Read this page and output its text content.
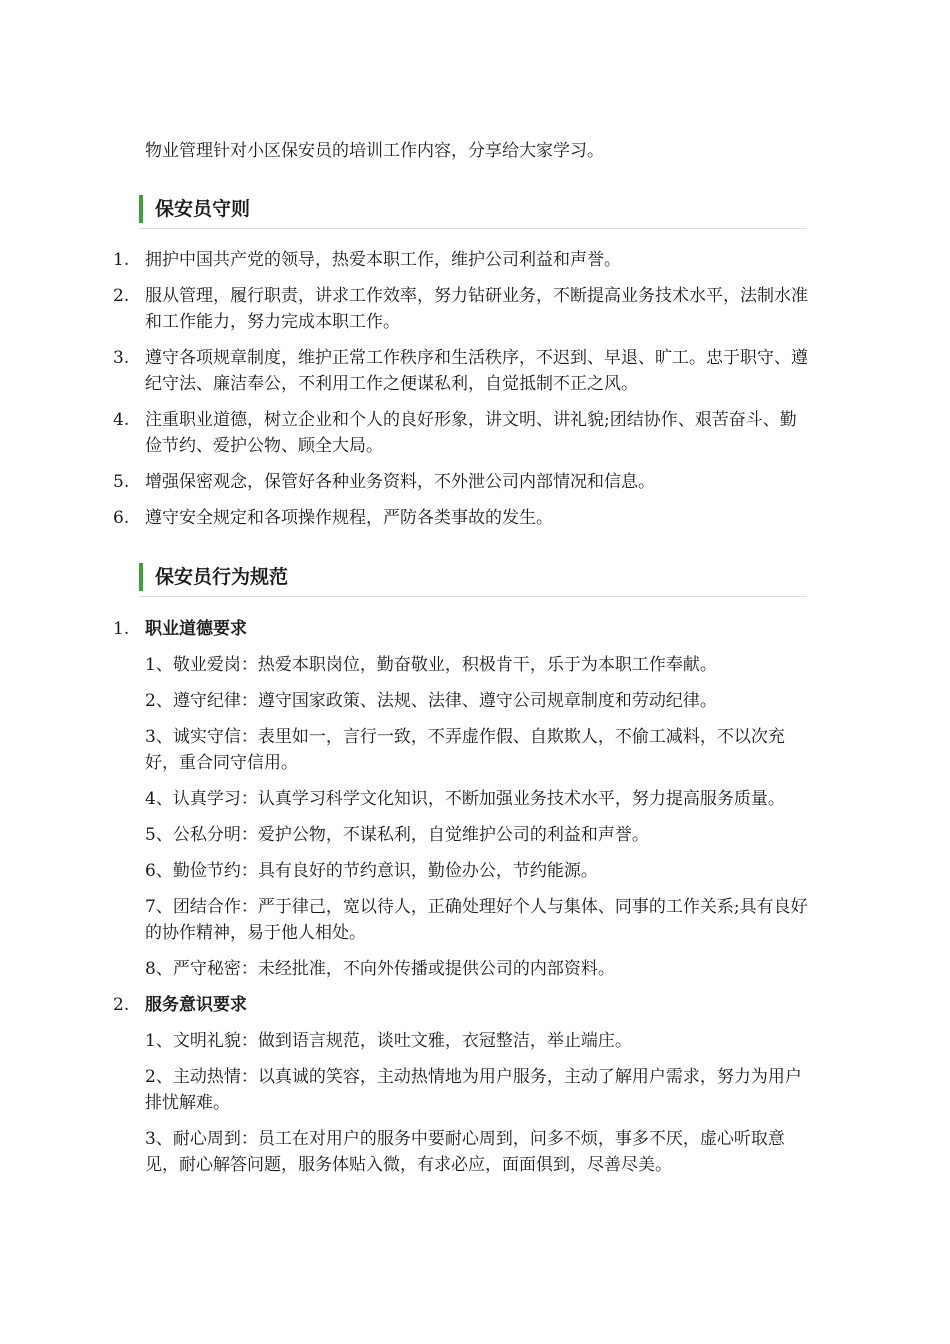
物业管理针对小区保安员的培训工作内容，分享给大家学习。

保安员守则
1. 拥护中国共产党的领导，热爱本职工作，维护公司利益和声誉。
2. 服从管理，履行职责，讲求工作效率，努力钻研业务，不断提高业务技术水平，法制水准和工作能力，努力完成本职工作。
3. 遵守各项规章制度，维护正常工作秩序和生活秩序，不迟到、早退、旷工。忠于职守、遵纪守法、廉洁奉公，不利用工作之便谋私利，自觉抵制不正之风。
4. 注重职业道德，树立企业和个人的良好形象，讲文明、讲礼貌;团结协作、艰苦奋斗、勤俭节约、爱护公物、顾全大局。
5. 增强保密观念，保管好各种业务资料，不外泄公司内部情况和信息。
6. 遵守安全规定和各项操作规程，严防各类事故的发生。
保安员行为规范
1. 职业道德要求

1、敬业爱岗：热爱本职岗位，勤奋敬业，积极肯干，乐于为本职工作奉献。

2、遵守纪律：遵守国家政策、法规、法律、遵守公司规章制度和劳动纪律。

3、诚实守信：表里如一，言行一致，不弄虚作假、自欺欺人，不偷工减料，不以次充好，重合同守信用。

4、认真学习：认真学习科学文化知识，不断加强业务技术水平，努力提高服务质量。

5、公私分明：爱护公物，不谋私利，自觉维护公司的利益和声誉。

6、勤俭节约：具有良好的节约意识，勤俭办公，节约能源。

7、团结合作：严于律己，宽以待人，正确处理好个人与集体、同事的工作关系;具有良好的协作精神，易于他人相处。

8、严守秘密：未经批准，不向外传播或提供公司的内部资料。

2. 服务意识要求

1、文明礼貌：做到语言规范，谈吐文雅，衣冠整洁，举止端庄。

2、主动热情：以真诚的笑容，主动热情地为用户服务，主动了解用户需求，努力为用户排忧解难。

3、耐心周到：员工在对用户的服务中要耐心周到，问多不烦，事多不厌，虚心听取意见，耐心解答问题，服务体贴入微，有求必应，面面俱到，尽善尽美。
